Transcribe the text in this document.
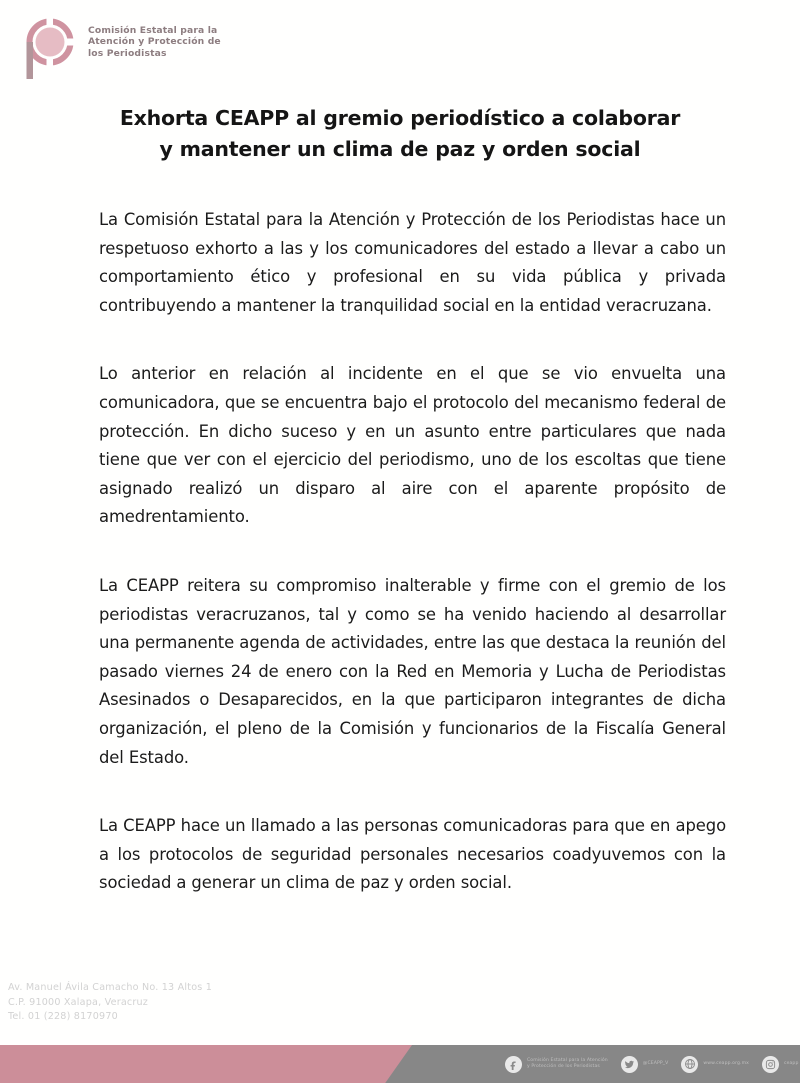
Comisión Estatal para la
Atención y Protección de
los Periodistas
Exhorta CEAPP al gremio periodístico a colaborar
y mantener un clima de paz y orden social

La Comisión Estatal para la Atención y Protección de los Periodistas hace un respetuoso exhorto a las y los comunicadores del estado a llevar a cabo un comportamiento ético y profesional en su vida pública y privada contribuyendo a mantener la tranquilidad social en la entidad veracruzana.

Lo anterior en relación al incidente en el que se vio envuelta una comunicadora, que se encuentra bajo el protocolo del mecanismo federal de protección. En dicho suceso y en un asunto entre particulares que nada tiene que ver con el ejercicio del periodismo, uno de los escoltas que tiene asignado realizó un disparo al aire con el aparente propósito de amedrentamiento.

La CEAPP reitera su compromiso inalterable y firme con el gremio de los periodistas veracruzanos, tal y como se ha venido haciendo al desarrollar una permanente agenda de actividades, entre las que destaca la reunión del pasado viernes 24 de enero con la Red en Memoria y Lucha de Periodistas Asesinados o Desaparecidos, en la que participaron integrantes de dicha organización, el pleno de la Comisión y funcionarios de la Fiscalía General del Estado.

La CEAPP hace un llamado a las personas comunicadoras para que en apego a los protocolos de seguridad personales necesarios coadyuvemos con la sociedad a generar un clima de paz y orden social.

Av. Manuel Ávila Camacho No. 13 Altos 1
C.P. 91000 Xalapa, Veracruz
Tel. 01 (228) 8170970
Comisión Estatal para la Atención
y Protección de los Periodistas
@CEAPP_V	www.ceapp.org.mx	ceapp
